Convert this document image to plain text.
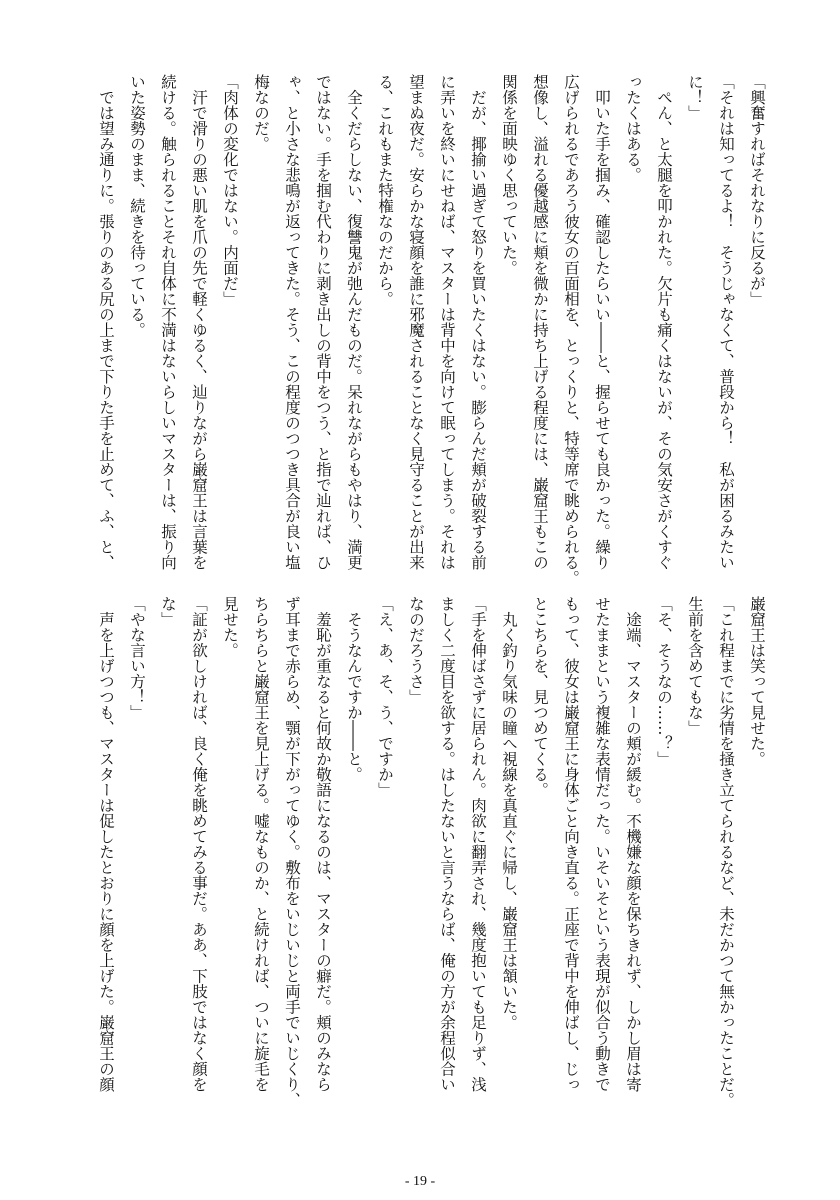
「興奮すればそれなりに反るが」
「それは知ってるよ！　そうじゃなくて、普段から！　私が困るみたい
に！」
　ぺん、と太腿を叩かれた。欠片も痛くはないが、その気安さがくすぐ
ったくはある。
　叩いた手を掴み、確認したらいい――と、握らせても良かった。繰り
広げられるであろう彼女の百面相を、とっくりと、特等席で眺められる。
想像し、溢れる優越感に頬を微かに持ち上げる程度には、巌窟王もこの
関係を面映ゆく思っていた。
　だが、揶揄い過ぎて怒りを買いたくはない。膨らんだ頬が破裂する前
に弄いを終いにせねば、マスターは背中を向けて眠ってしまう。それは
望まぬ夜だ。安らかな寝顔を誰に邪魔されることなく見守ることが出来
る、これもまた特権なのだから。
　全くだらしない、復讐鬼が弛んだものだ。呆れながらもやはり、満更
ではない。手を掴む代わりに剥き出しの背中をつう、と指で辿れば、ひ
ゃ、と小さな悲鳴が返ってきた。そう、この程度のつつき具合が良い塩
梅なのだ。
「肉体の変化ではない。内面だ」
　汗で滑りの悪い肌を爪の先で軽くゆるく、辿りながら巌窟王は言葉を
続ける。触られることそれ自体に不満はないらしいマスターは、振り向
いた姿勢のまま、続きを待っている。
　では望み通りに。張りのある尻の上まで下りた手を止めて、ふ、と、
巌窟王は笑って見せた。
「これ程までに劣情を掻き立てられるなど、未だかつて無かったことだ。
生前を含めてもな」
「そ、そうなの……？」
　途端、マスターの頬が緩む。不機嫌な顔を保ちきれず、しかし眉は寄
せたままという複雑な表情だった。いそいそという表現が似合う動きで
もって、彼女は巌窟王に身体ごと向き直る。正座で背中を伸ばし、じっ
とこちらを、見つめてくる。
　丸く釣り気味の瞳へ視線を真直ぐに帰し、巌窟王は頷いた。
「手を伸ばさずに居られん。肉欲に翻弄され、幾度抱いても足りず、浅
ましく二度目を欲する。はしたないと言うならば、俺の方が余程似合い
なのだろうさ」
「え、あ、そ、う、ですか」
　そうなんですか――と。
　羞恥が重なると何故か敬語になるのは、マスターの癖だ。頬のみなら
ず耳まで赤らめ、顎が下がってゆく。敷布をいじいじと両手でいじくり、
ちらちらと巌窟王を見上げる。嘘なものか、と続ければ、ついに旋毛を
見せた。
「証が欲しければ、良く俺を眺めてみる事だ。ああ、下肢ではなく顔を
な」
「やな言い方！」
　声を上げつつも、マスターは促したとおりに顔を上げた。巌窟王の顔
- 19 -
